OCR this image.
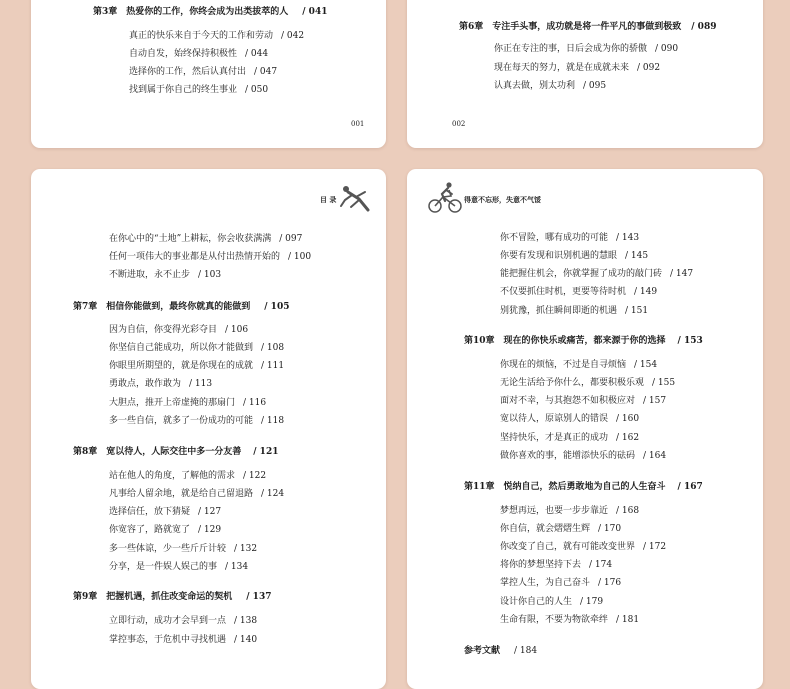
第3章　热爱你的工作，你终会成为出类拔萃的人 / 041
真正的快乐来自于今天的工作和劳动 / 042
自动自发，始终保持积极性 / 044
选择你的工作，然后认真付出 / 047
找到属于你自己的终生事业 / 050
001
第6章　专注手头事，成功就是将一件平凡的事做到极致 / 089
你正在专注的事，日后会成为你的骄傲 / 090
现在每天的努力，就是在成就未来 / 092
认真去做，别太功利 / 095
002
目 录
在你心中的“土地”上耕耘，你会收获满满 / 097
任何一项伟大的事业都是从付出热情开始的 / 100
不断进取，永不止步 / 103
第7章　相信你能做到，最终你就真的能做到 / 105
因为自信，你变得光彩夺目 / 106
你坚信自己能成功，所以你才能做到 / 108
你眼里所期望的，就是你现在的成就 / 111
勇敢点，敢作敢为 / 113
大胆点，推开上帝虚掩的那扇门 / 116
多一些自信，就多了一份成功的可能 / 118
第8章　宽以待人，人际交往中多一分友善 / 121
站在他人的角度，了解他的需求 / 122
凡事给人留余地，就是给自己留退路 / 124
选择信任，放下猜疑 / 127
你宽容了，路就宽了 / 129
多一些体谅，少一些斤斤计较 / 132
分享，是一件娱人娱己的事 / 134
第9章　把握机遇，抓住改变命运的契机 / 137
立即行动，成功才会早到一点 / 138
掌控事态，于危机中寻找机遇 / 140
得意不忘形，失意不气馁
你不冒险，哪有成功的可能 / 143
你要有发现和识别机遇的慧眼 / 145
能把握住机会，你就掌握了成功的敲门砖 / 147
不仅要抓住时机，更要等待时机 / 149
别犹豫，抓住瞬间即逝的机遇 / 151
第10章　现在的你快乐或痛苦，都来源于你的选择 / 153
你现在的烦恼，不过是自寻烦恼 / 154
无论生活给予你什么，都要积极乐观 / 155
面对不幸，与其抱怨不如积极应对 / 157
宽以待人，原谅别人的错误 / 160
坚持快乐，才是真正的成功 / 162
做你喜欢的事，能增添快乐的砝码 / 164
第11章　悦纳自己，然后勇敢地为自己的人生奋斗 / 167
梦想再远，也要一步步靠近 / 168
你自信，就会熠熠生辉 / 170
你改变了自己，就有可能改变世界 / 172
将你的梦想坚持下去 / 174
掌控人生，为自己奋斗 / 176
设计你自己的人生 / 179
生命有限，不要为物欲牵绊 / 181
参考文献 / 184
